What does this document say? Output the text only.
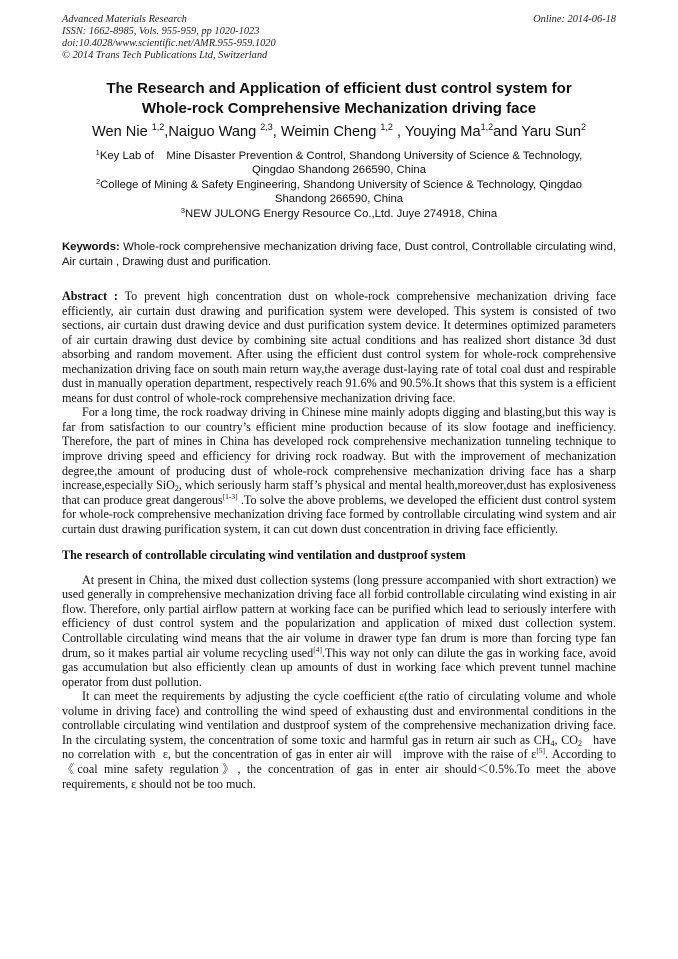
Advanced Materials Research
ISSN: 1662-8985, Vols. 955-959, pp 1020-1023
doi:10.4028/www.scientific.net/AMR.955-959.1020
© 2014 Trans Tech Publications Ltd, Switzerland
Online: 2014-06-18
The Research and Application of efficient dust control system for
Whole-rock Comprehensive Mechanization driving face
Wen Nie $^{1,2}$,Naiguo Wang $^{2,3}$, Weimin Cheng $^{1,2}$ , Youying Ma$^{1,2}$and Yaru Sun$^2$
$^1$Key Lab of    Mine Disaster Prevention & Control, Shandong University of Science & Technology,
Qingdao Shandong 266590, China
$^2$College of Mining & Safety Engineering, Shandong University of Science & Technology, Qingdao
Shandong 266590, China
$^3$NEW JULONG Energy Resource Co.,Ltd. Juye 274918, China
Keywords: Whole-rock comprehensive mechanization driving face, Dust control, Controllable circulating wind, Air curtain , Drawing dust and purification.

Abstract : To prevent high concentration dust on whole-rock comprehensive mechanization driving face efficiently, air curtain dust drawing and purification system were developed. This system is consisted of two sections, air curtain dust drawing device and dust purification system device. It determines optimized parameters of air curtain drawing dust device by combining site actual conditions and has realized short distance 3d dust absorbing and random movement. After using the efficient dust control system for whole-rock comprehensive mechanization driving face on south main return way,the average dust-laying rate of total coal dust and respirable dust in manually operation department, respectively reach 91.6% and 90.5%.It shows that this system is a efficient means for dust control of whole-rock comprehensive mechanization driving face.

For a long time, the rock roadway driving in Chinese mine mainly adopts digging and blasting,but this way is far from satisfaction to our country’s efficient mine production because of its slow footage and inefficiency. Therefore, the part of mines in China has developed rock comprehensive mechanization tunneling technique to improve driving speed and efficiency for driving rock roadway. But with the improvement of mechanization degree,the amount of producing dust of whole-rock comprehensive mechanization driving face has a sharp increase,especially SiO$_2$, which seriously harm staff’s physical and mental health,moreover,dust has explosiveness that can produce great dangerous[1-3] .To solve the above problems, we developed the efficient dust control system for whole-rock comprehensive mechanization driving face formed by controllable circulating wind system and air curtain dust drawing purification system, it can cut down dust concentration in driving face efficiently.

The research of controllable circulating wind ventilation and dustproof system

At present in China, the mixed dust collection systems (long pressure accompanied with short extraction) we used generally in comprehensive mechanization driving face all forbid controllable circulating wind existing in air flow. Therefore, only partial airflow pattern at working face can be purified which lead to seriously interfere with efficiency of dust control system and the popularization and application of mixed dust collection system. Controllable circulating wind means that the air volume in drawer type fan drum is more than forcing type fan drum, so it makes partial air volume recycling used[4].This way not only can dilute the gas in working face, avoid gas accumulation but also efficiently clean up amounts of dust in working face which prevent tunnel machine operator from dust pollution.

It can meet the requirements by adjusting the cycle coefficient ε(the ratio of circulating volume and whole volume in driving face) and controlling the wind speed of exhausting dust and environmental conditions in the controllable circulating wind ventilation and dustproof system of the comprehensive mechanization driving face. In the circulating system, the concentration of some toxic and harmful gas in return air such as $CH_4$, $CO_2$   have no correlation with  ε, but the concentration of gas in enter air will   improve with the raise of ε[5]. According to 《coal mine safety regulation》, the concentration of gas in enter air should＜0.5%.To meet the above requirements, ε should not be too much.
